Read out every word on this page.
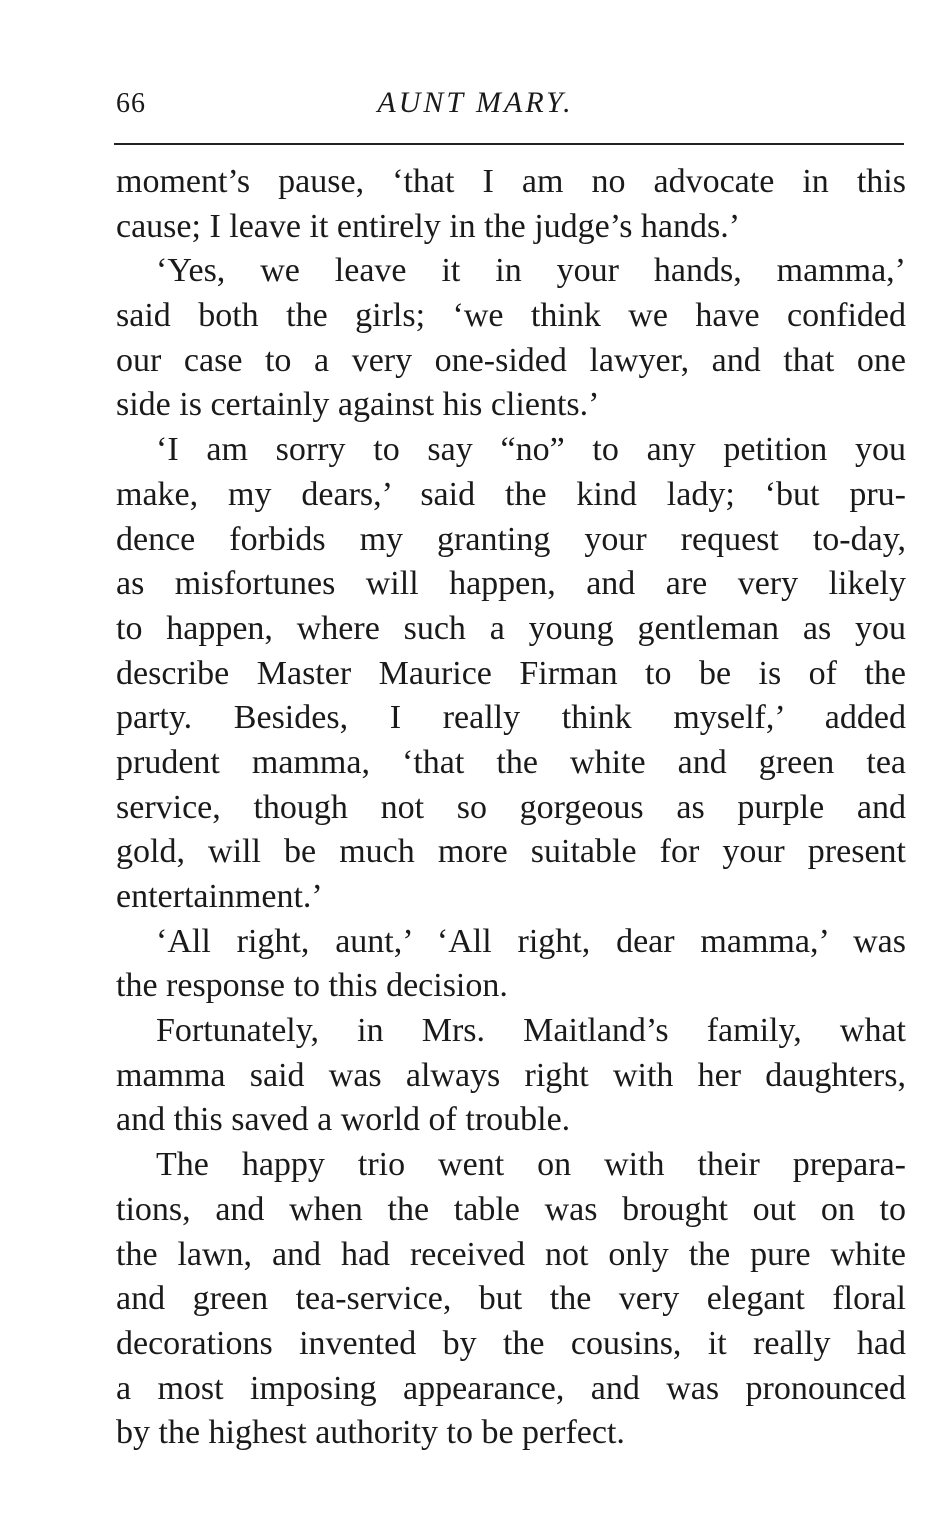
66	AUNT MARY.
moment’s pause, ‘that I am no advocate in this
cause; I leave it entirely in the judge’s hands.’
‘Yes, we leave it in your hands, mamma,’
said both the girls; ‘we think we have confided
our case to a very one-sided lawyer, and that one
side is certainly against his clients.’
‘I am sorry to say “no” to any petition you
make, my dears,’ said the kind lady; ‘but pru-
dence forbids my granting your request to-day,
as misfortunes will happen, and are very likely
to happen, where such a young gentleman as you
describe Master Maurice Firman to be is of the
party. Besides, I really think myself,’ added
prudent mamma, ‘that the white and green tea
service, though not so gorgeous as purple and
gold, will be much more suitable for your present
entertainment.’
‘All right, aunt,’ ‘All right, dear mamma,’ was
the response to this decision.
Fortunately, in Mrs. Maitland’s family, what
mamma said was always right with her daughters,
and this saved a world of trouble.
The happy trio went on with their prepara-
tions, and when the table was brought out on to
the lawn, and had received not only the pure white
and green tea-service, but the very elegant floral
decorations invented by the cousins, it really had
a most imposing appearance, and was pronounced
by the highest authority to be perfect.
